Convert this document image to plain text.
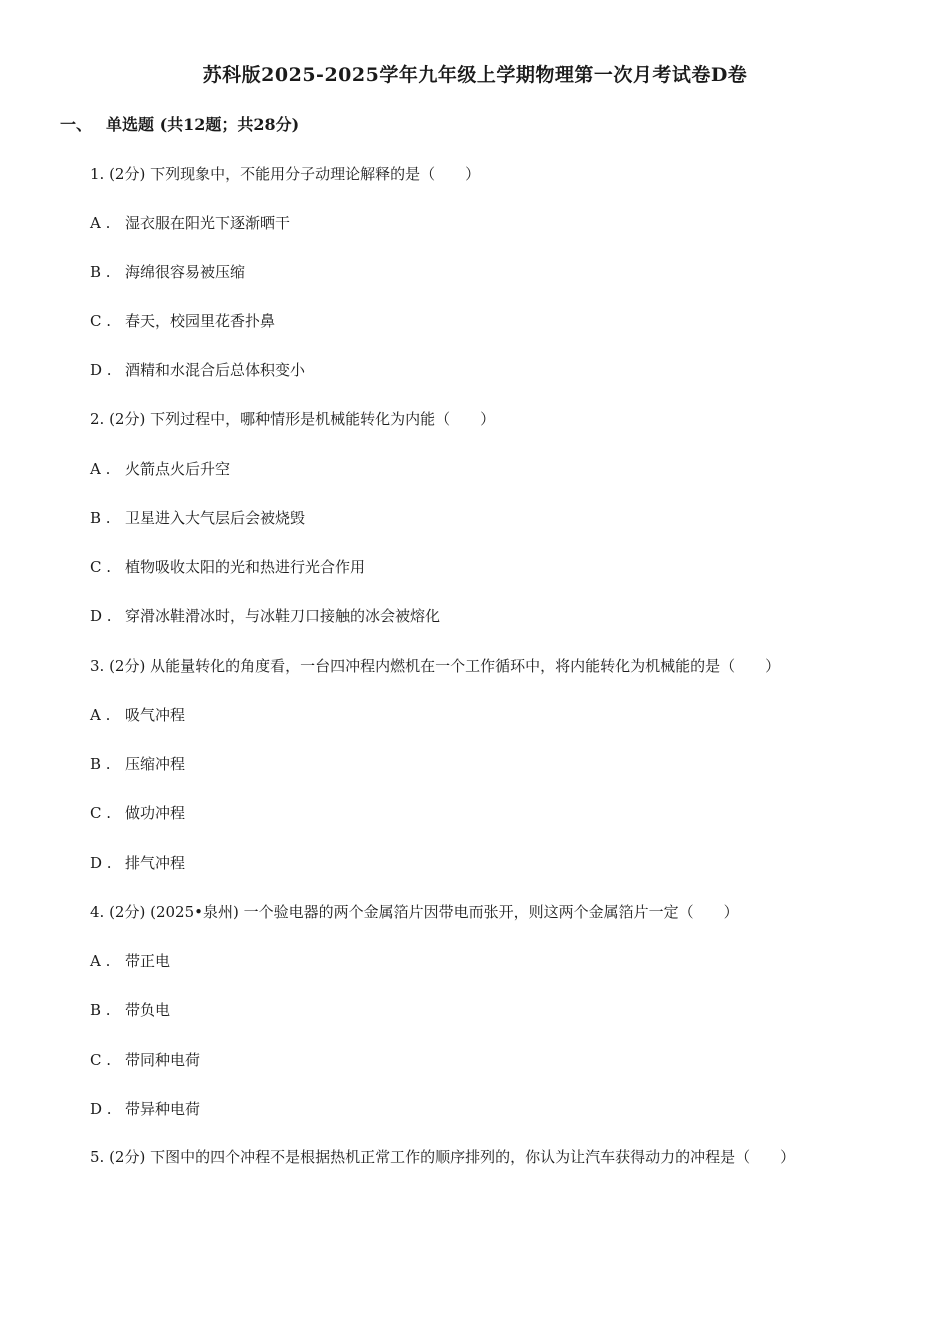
苏科版2025-2025学年九年级上学期物理第一次月考试卷D卷
一、 单选题 (共12题；共28分)
1. (2分) 下列现象中，不能用分子动理论解释的是（　　）
A . 湿衣服在阳光下逐渐晒干
B . 海绵很容易被压缩
C . 春天，校园里花香扑鼻
D . 酒精和水混合后总体积变小
2. (2分) 下列过程中，哪种情形是机械能转化为内能（　　）
A . 火箭点火后升空
B . 卫星进入大气层后会被烧毁
C . 植物吸收太阳的光和热进行光合作用
D . 穿滑冰鞋滑冰时，与冰鞋刀口接触的冰会被熔化
3. (2分) 从能量转化的角度看，一台四冲程内燃机在一个工作循环中，将内能转化为机械能的是（　　）
A . 吸气冲程
B . 压缩冲程
C . 做功冲程
D . 排气冲程
4. (2分) (2025•泉州) 一个验电器的两个金属箔片因带电而张开，则这两个金属箔片一定（　　）
A . 带正电
B . 带负电
C . 带同种电荷
D . 带异种电荷
5. (2分) 下图中的四个冲程不是根据热机正常工作的顺序排列的，你认为让汽车获得动力的冲程是（　　）
